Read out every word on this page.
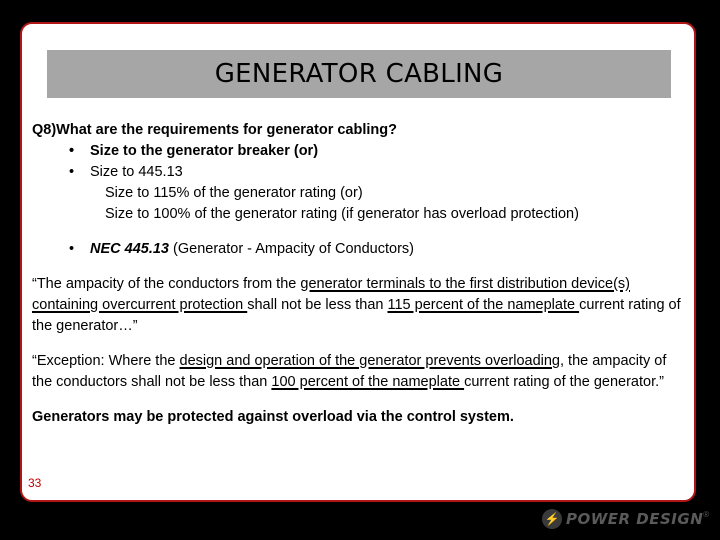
GENERATOR CABLING

Q8)What are the requirements for generator cabling?

• Size to the generator breaker (or)

• Size to 445.13

Size to 115% of the generator rating (or)

Size to 100% of the generator rating (if generator has overload protection)

• NEC 445.13 (Generator - Ampacity of Conductors)

“The ampacity of the conductors from the generator terminals to the first distribution device(s) containing overcurrent protection shall not be less than 115 percent of the nameplate current rating of the generator…”

“Exception: Where the design and operation of the generator prevents overloading, the ampacity of the conductors shall not be less than 100 percent of the nameplate current rating of the generator.”

Generators may be protected against overload via the control system.

33
⚡ POWER DESIGN ®
